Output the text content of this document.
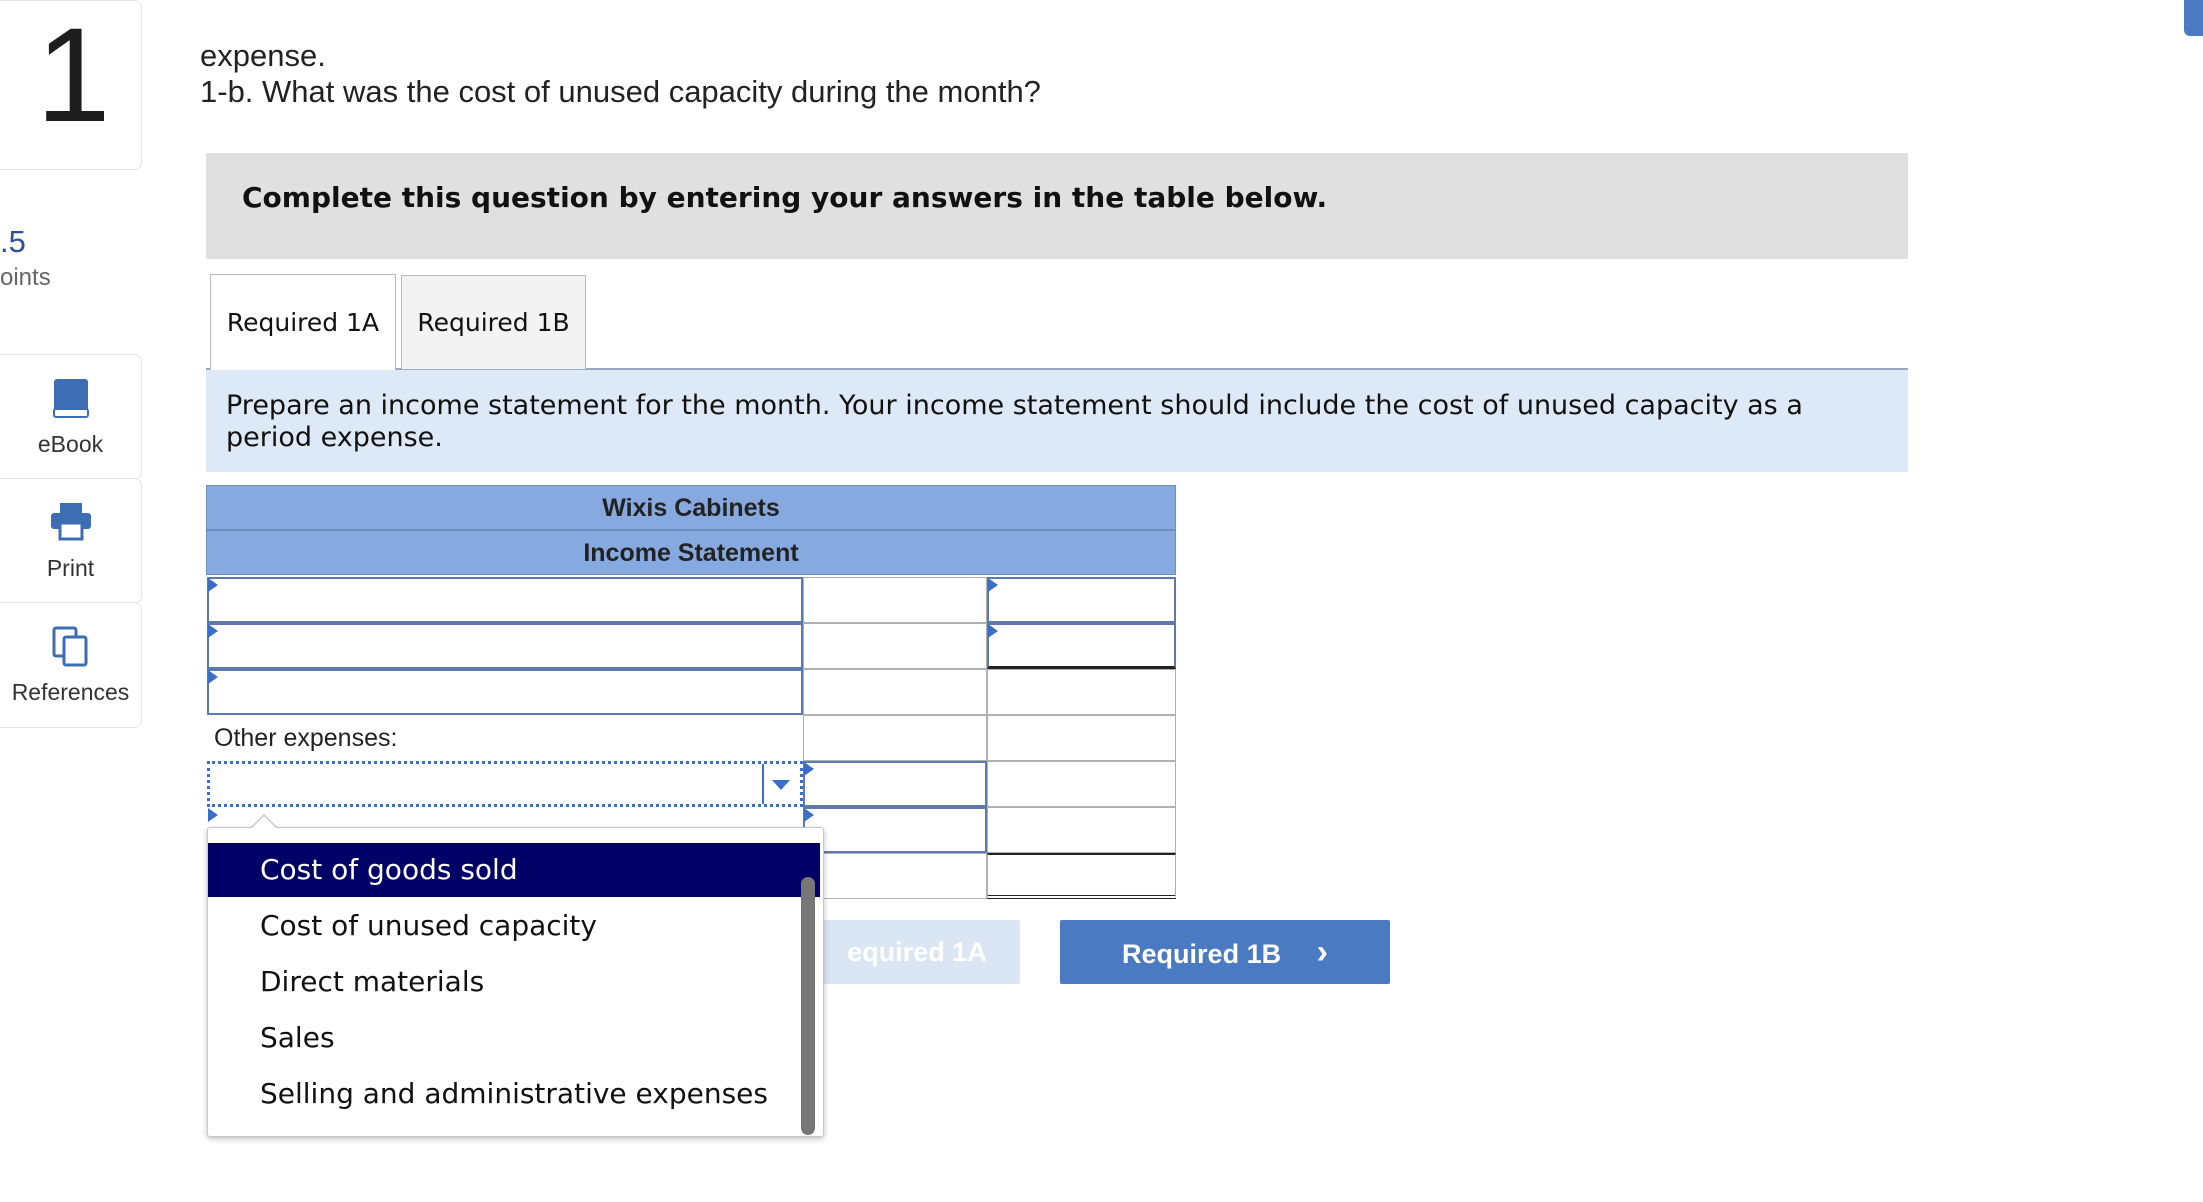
1
.5
oints
eBook
Print
References
expense.
1-b. What was the cost of unused capacity during the month?
Complete this question by entering your answers in the table below.
Required 1A	Required 1B
Prepare an income statement for the month. Your income statement should include the cost of unused capacity as a period expense.
Wixis Cabinets
Income Statement
Other expenses:
equired 1A	Required 1B ›
Cost of goods sold
Cost of unused capacity
Direct materials
Sales
Selling and administrative expenses
